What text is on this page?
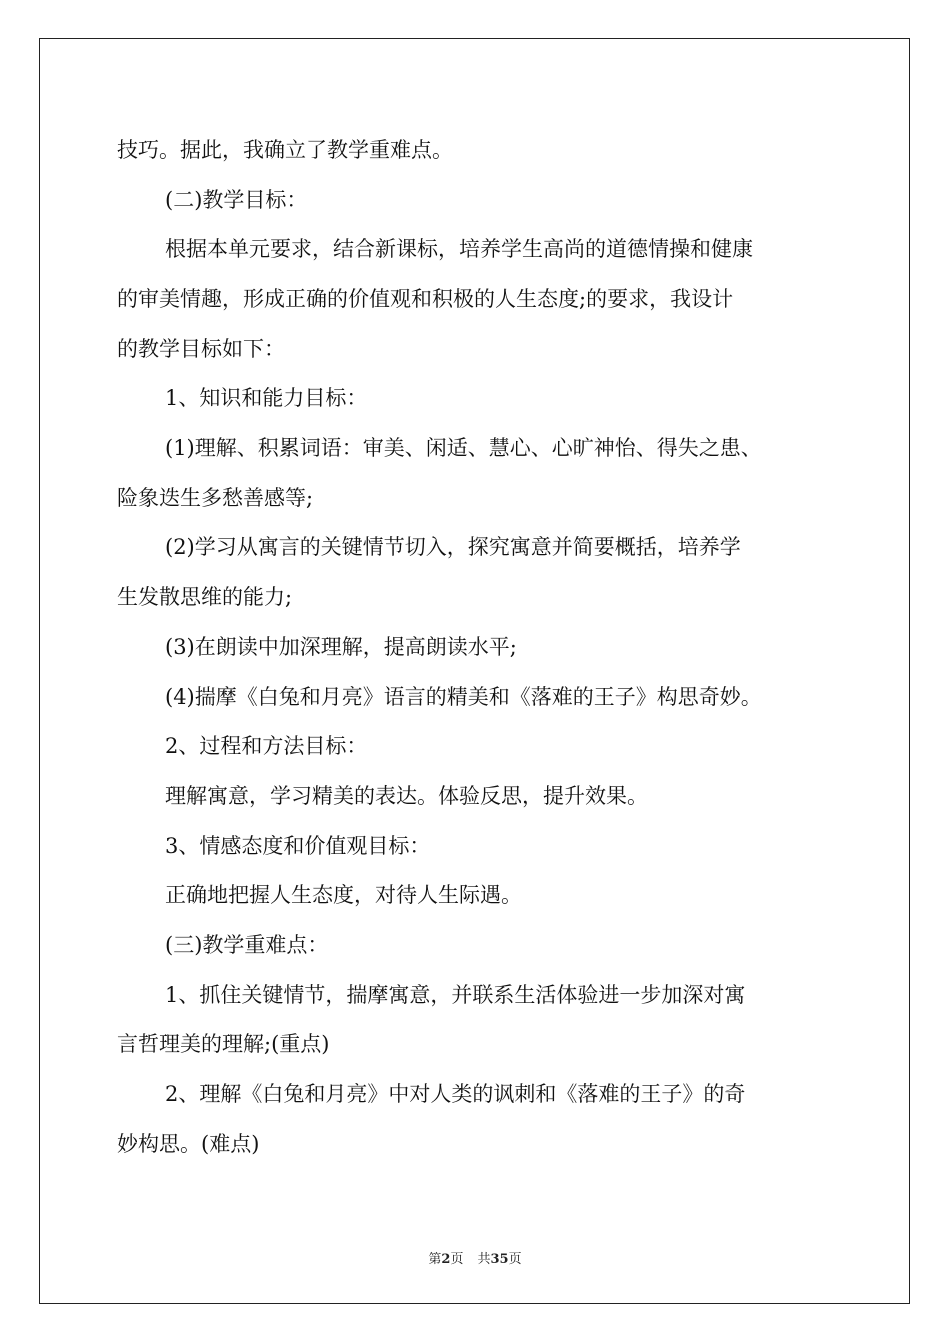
技巧。据此，我确立了教学重难点。
(二)教学目标：
根据本单元要求，结合新课标，培养学生高尚的道德情操和健康
的审美情趣，形成正确的价值观和积极的人生态度;的要求，我设计
的教学目标如下：
1、知识和能力目标：
(1)理解、积累词语：审美、闲适、慧心、心旷神怡、得失之患、
险象迭生多愁善感等;
(2)学习从寓言的关键情节切入，探究寓意并简要概括，培养学
生发散思维的能力;
(3)在朗读中加深理解，提高朗读水平;
(4)揣摩《白兔和月亮》语言的精美和《落难的王子》构思奇妙。
2、过程和方法目标：
理解寓意，学习精美的表达。体验反思，提升效果。
3、情感态度和价值观目标：
正确地把握人生态度，对待人生际遇。
(三)教学重难点：
1、抓住关键情节，揣摩寓意，并联系生活体验进一步加深对寓
言哲理美的理解;(重点)
2、理解《白兔和月亮》中对人类的讽刺和《落难的王子》的奇
妙构思。(难点)
第2页 共35页
